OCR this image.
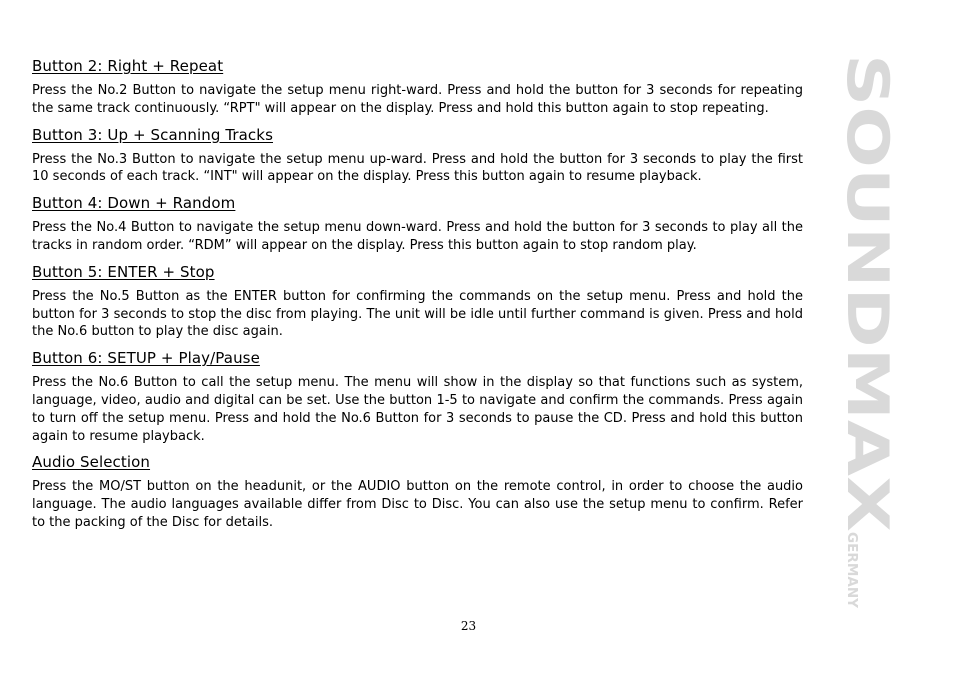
Button 2: Right + Repeat

Press the No.2 Button to navigate the setup menu right-ward. Press and hold the button for 3 seconds for repeating the same track continuously. “RPT" will appear on the display. Press and hold this button again to stop repeating.

Button 3: Up + Scanning Tracks

Press the No.3 Button to navigate the setup menu up-ward. Press and hold the button for 3 seconds to play the first 10 seconds of each track. “INT" will appear on the display. Press this button again to resume playback.

Button 4: Down + Random

Press the No.4 Button to navigate the setup menu down-ward. Press and hold the button for 3 seconds to play all the tracks in random order. “RDM” will appear on the display. Press this button again to stop random play.

Button 5: ENTER + Stop

Press the No.5 Button as the ENTER button for confirming the commands on the setup menu. Press and hold the button for 3 seconds to stop the disc from playing. The unit will be idle until further command is given. Press and hold the No.6 button to play the disc again.

Button 6: SETUP + Play/Pause

Press the No.6 Button to call the setup menu. The menu will show in the display so that functions such as system, language, video, audio and digital can be set. Use the button 1-5 to navigate and confirm the commands. Press again to turn off the setup menu. Press and hold the No.6 Button for 3 seconds to pause the CD. Press and hold this button again to resume playback.

Audio Selection

Press the MO/ST button on the headunit, or the AUDIO button on the remote control, in order to choose the audio language. The audio languages available differ from Disc to Disc. You can also use the setup menu to confirm. Refer to the packing of the Disc for details.

23
SOUNDMAX
GERMANY
